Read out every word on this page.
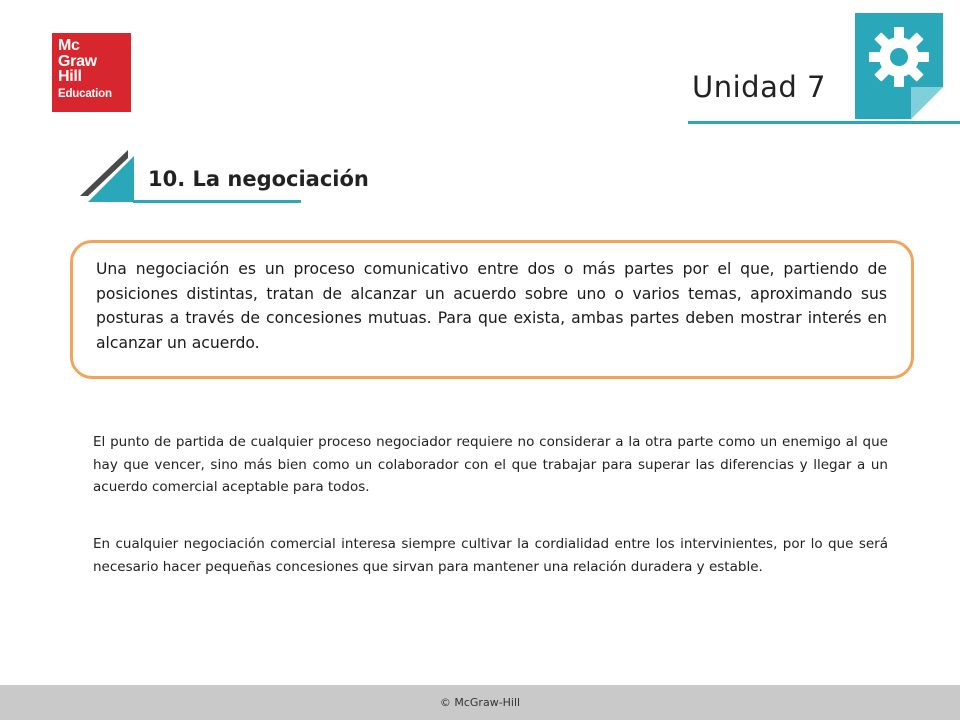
Mc
Graw
Hill
Education	Unidad 7
10. La negociación

Una negociación es un proceso comunicativo entre dos o más partes por el que, partiendo de posiciones distintas, tratan de alcanzar un acuerdo sobre uno o varios temas, aproximando sus posturas a través de concesiones mutuas. Para que exista, ambas partes deben mostrar interés en alcanzar un acuerdo.

El punto de partida de cualquier proceso negociador requiere no considerar a la otra parte como un enemigo al que hay que vencer, sino más bien como un colaborador con el que trabajar para superar las diferencias y llegar a un acuerdo comercial aceptable para todos.

En cualquier negociación comercial interesa siempre cultivar la cordialidad entre los intervinientes, por lo que será necesario hacer pequeñas concesiones que sirvan para mantener una relación duradera y estable.

© McGraw-Hill
